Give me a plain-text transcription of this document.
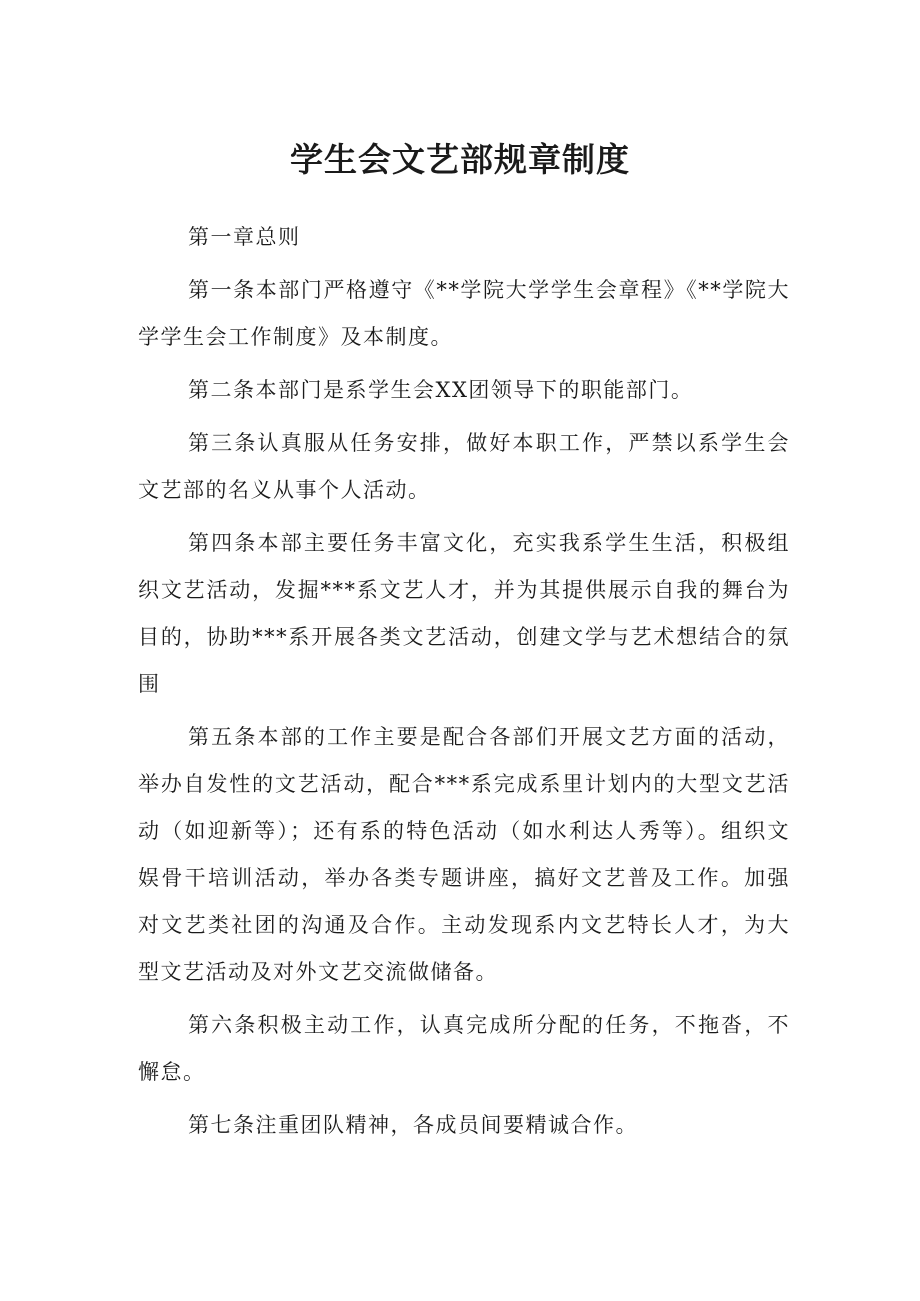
学生会文艺部规章制度

第一章总则

第一条本部门严格遵守《**学院大学学生会章程》《**学院大学学生会工作制度》及本制度。

第二条本部门是系学生会XX团领导下的职能部门。

第三条认真服从任务安排，做好本职工作，严禁以系学生会文艺部的名义从事个人活动。

第四条本部主要任务丰富文化，充实我系学生生活，积极组织文艺活动，发掘***系文艺人才，并为其提供展示自我的舞台为目的，协助***系开展各类文艺活动，创建文学与艺术想结合的氛围

第五条本部的工作主要是配合各部们开展文艺方面的活动，举办自发性的文艺活动，配合***系完成系里计划内的大型文艺活动（如迎新等）；还有系的特色活动（如水利达人秀等）。组织文娱骨干培训活动，举办各类专题讲座，搞好文艺普及工作。加强对文艺类社团的沟通及合作。主动发现系内文艺特长人才，为大型文艺活动及对外文艺交流做储备。

第六条积极主动工作，认真完成所分配的任务，不拖沓，不懈怠。

第七条注重团队精神，各成员间要精诚合作。
